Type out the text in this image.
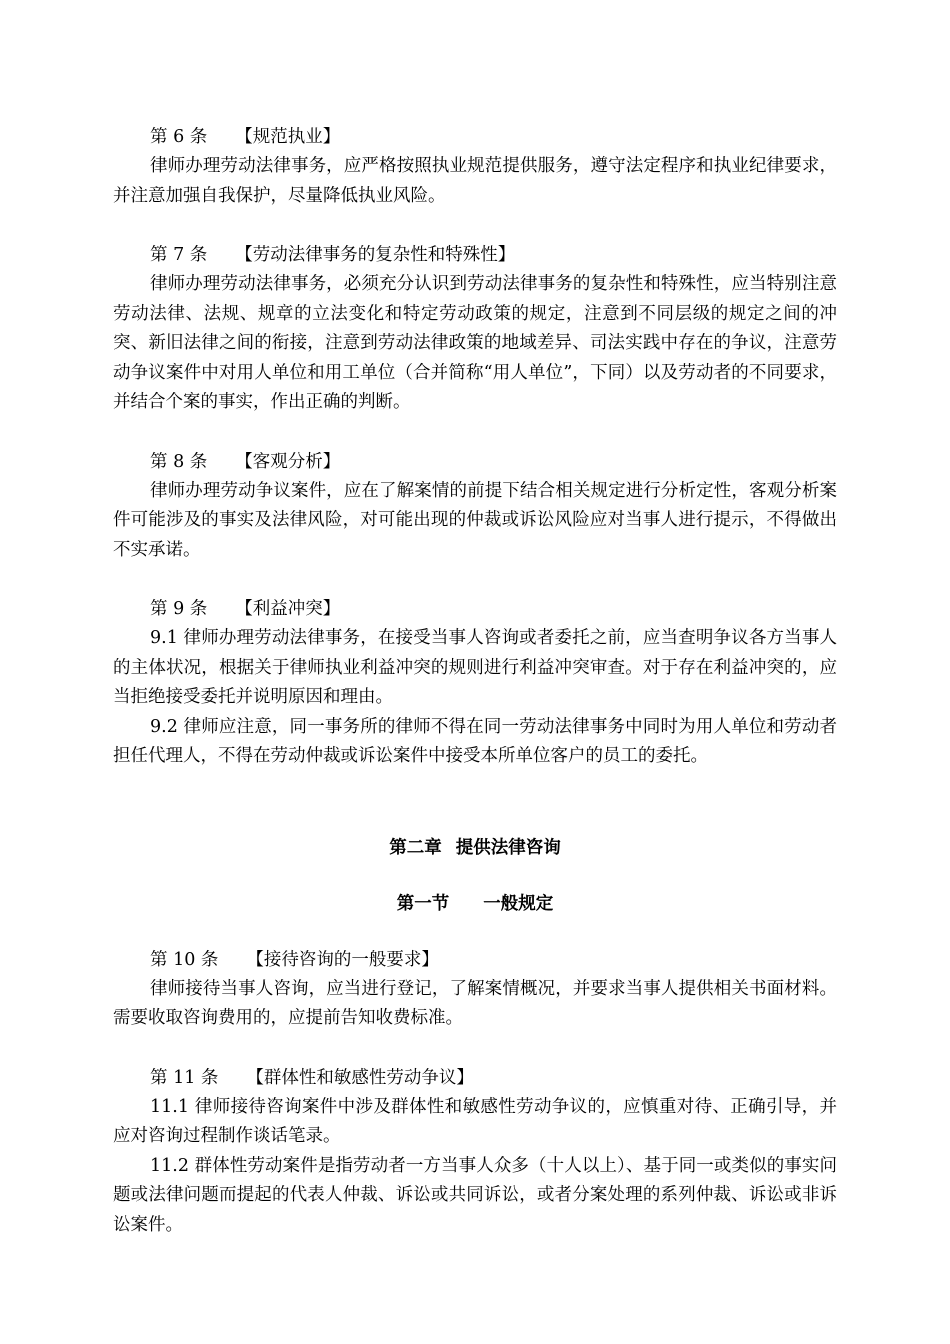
第 6 条 【规范执业】

律师办理劳动法律事务，应严格按照执业规范提供服务，遵守法定程序和执业纪律要求，并注意加强自我保护，尽量降低执业风险。

第 7 条 【劳动法律事务的复杂性和特殊性】

律师办理劳动法律事务，必须充分认识到劳动法律事务的复杂性和特殊性，应当特别注意劳动法律、法规、规章的立法变化和特定劳动政策的规定，注意到不同层级的规定之间的冲突、新旧法律之间的衔接，注意到劳动法律政策的地域差异、司法实践中存在的争议，注意劳动争议案件中对用人单位和用工单位（合并简称“用人单位”，下同）以及劳动者的不同要求，并结合个案的事实，作出正确的判断。

第 8 条 【客观分析】

律师办理劳动争议案件，应在了解案情的前提下结合相关规定进行分析定性，客观分析案件可能涉及的事实及法律风险，对可能出现的仲裁或诉讼风险应对当事人进行提示，不得做出不实承诺。

第 9 条 【利益冲突】

9.1 律师办理劳动法律事务，在接受当事人咨询或者委托之前，应当查明争议各方当事人的主体状况，根据关于律师执业利益冲突的规则进行利益冲突审查。对于存在利益冲突的，应当拒绝接受委托并说明原因和理由。

9.2 律师应注意，同一事务所的律师不得在同一劳动法律事务中同时为用人单位和劳动者担任代理人，不得在劳动仲裁或诉讼案件中接受本所单位客户的员工的委托。

第二章 提供法律咨询
第一节 一般规定
第 10 条 【接待咨询的一般要求】

律师接待当事人咨询，应当进行登记，了解案情概况，并要求当事人提供相关书面材料。需要收取咨询费用的，应提前告知收费标准。

第 11 条 【群体性和敏感性劳动争议】

11.1 律师接待咨询案件中涉及群体性和敏感性劳动争议的，应慎重对待、正确引导，并应对咨询过程制作谈话笔录。

11.2 群体性劳动案件是指劳动者一方当事人众多（十人以上）、基于同一或类似的事实问题或法律问题而提起的代表人仲裁、诉讼或共同诉讼，或者分案处理的系列仲裁、诉讼或非诉讼案件。
